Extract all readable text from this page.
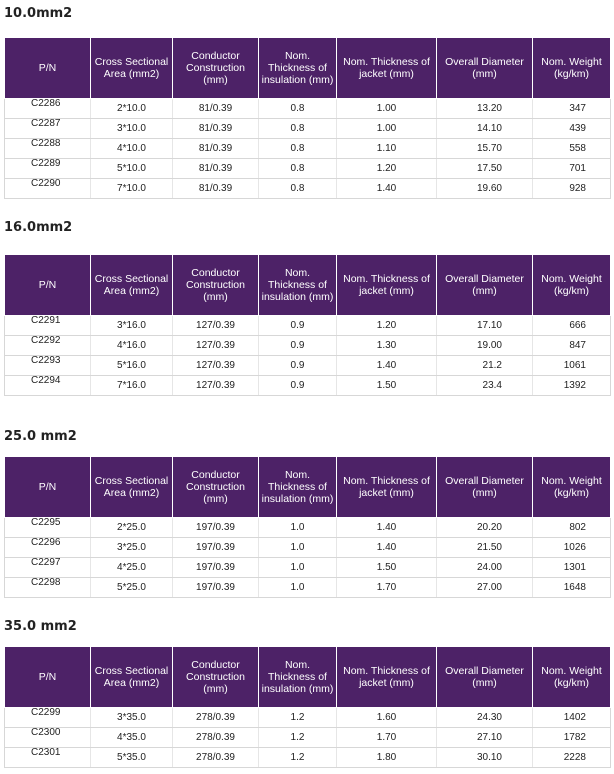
10.0mm2
P/N	Cross Sectional Area (mm2)	Conductor Construction (mm)	Nom. Thickness of insulation (mm)	Nom. Thickness of jacket (mm)	Overall Diameter (mm)	Nom. Weight (kg/km)
C2286	2*10.0	81/0.39	0.8	1.00	13.20	347
C2287	3*10.0	81/0.39	0.8	1.00	14.10	439
C2288	4*10.0	81/0.39	0.8	1.10	15.70	558
C2289	5*10.0	81/0.39	0.8	1.20	17.50	701
C2290	7*10.0	81/0.39	0.8	1.40	19.60	928
16.0mm2
P/N	Cross Sectional Area (mm2)	Conductor Construction (mm)	Nom. Thickness of insulation (mm)	Nom. Thickness of jacket (mm)	Overall Diameter (mm)	Nom. Weight (kg/km)
C2291	3*16.0	127/0.39	0.9	1.20	17.10	666
C2292	4*16.0	127/0.39	0.9	1.30	19.00	847
C2293	5*16.0	127/0.39	0.9	1.40	21.2	1061
C2294	7*16.0	127/0.39	0.9	1.50	23.4	1392
25.0 mm2
P/N	Cross Sectional Area (mm2)	Conductor Construction (mm)	Nom. Thickness of insulation (mm)	Nom. Thickness of jacket (mm)	Overall Diameter (mm)	Nom. Weight (kg/km)
C2295	2*25.0	197/0.39	1.0	1.40	20.20	802
C2296	3*25.0	197/0.39	1.0	1.40	21.50	1026
C2297	4*25.0	197/0.39	1.0	1.50	24.00	1301
C2298	5*25.0	197/0.39	1.0	1.70	27.00	1648
35.0 mm2
P/N	Cross Sectional Area (mm2)	Conductor Construction (mm)	Nom. Thickness of insulation (mm)	Nom. Thickness of jacket (mm)	Overall Diameter (mm)	Nom. Weight (kg/km)
C2299	3*35.0	278/0.39	1.2	1.60	24.30	1402
C2300	4*35.0	278/0.39	1.2	1.70	27.10	1782
C2301	5*35.0	278/0.39	1.2	1.80	30.10	2228
